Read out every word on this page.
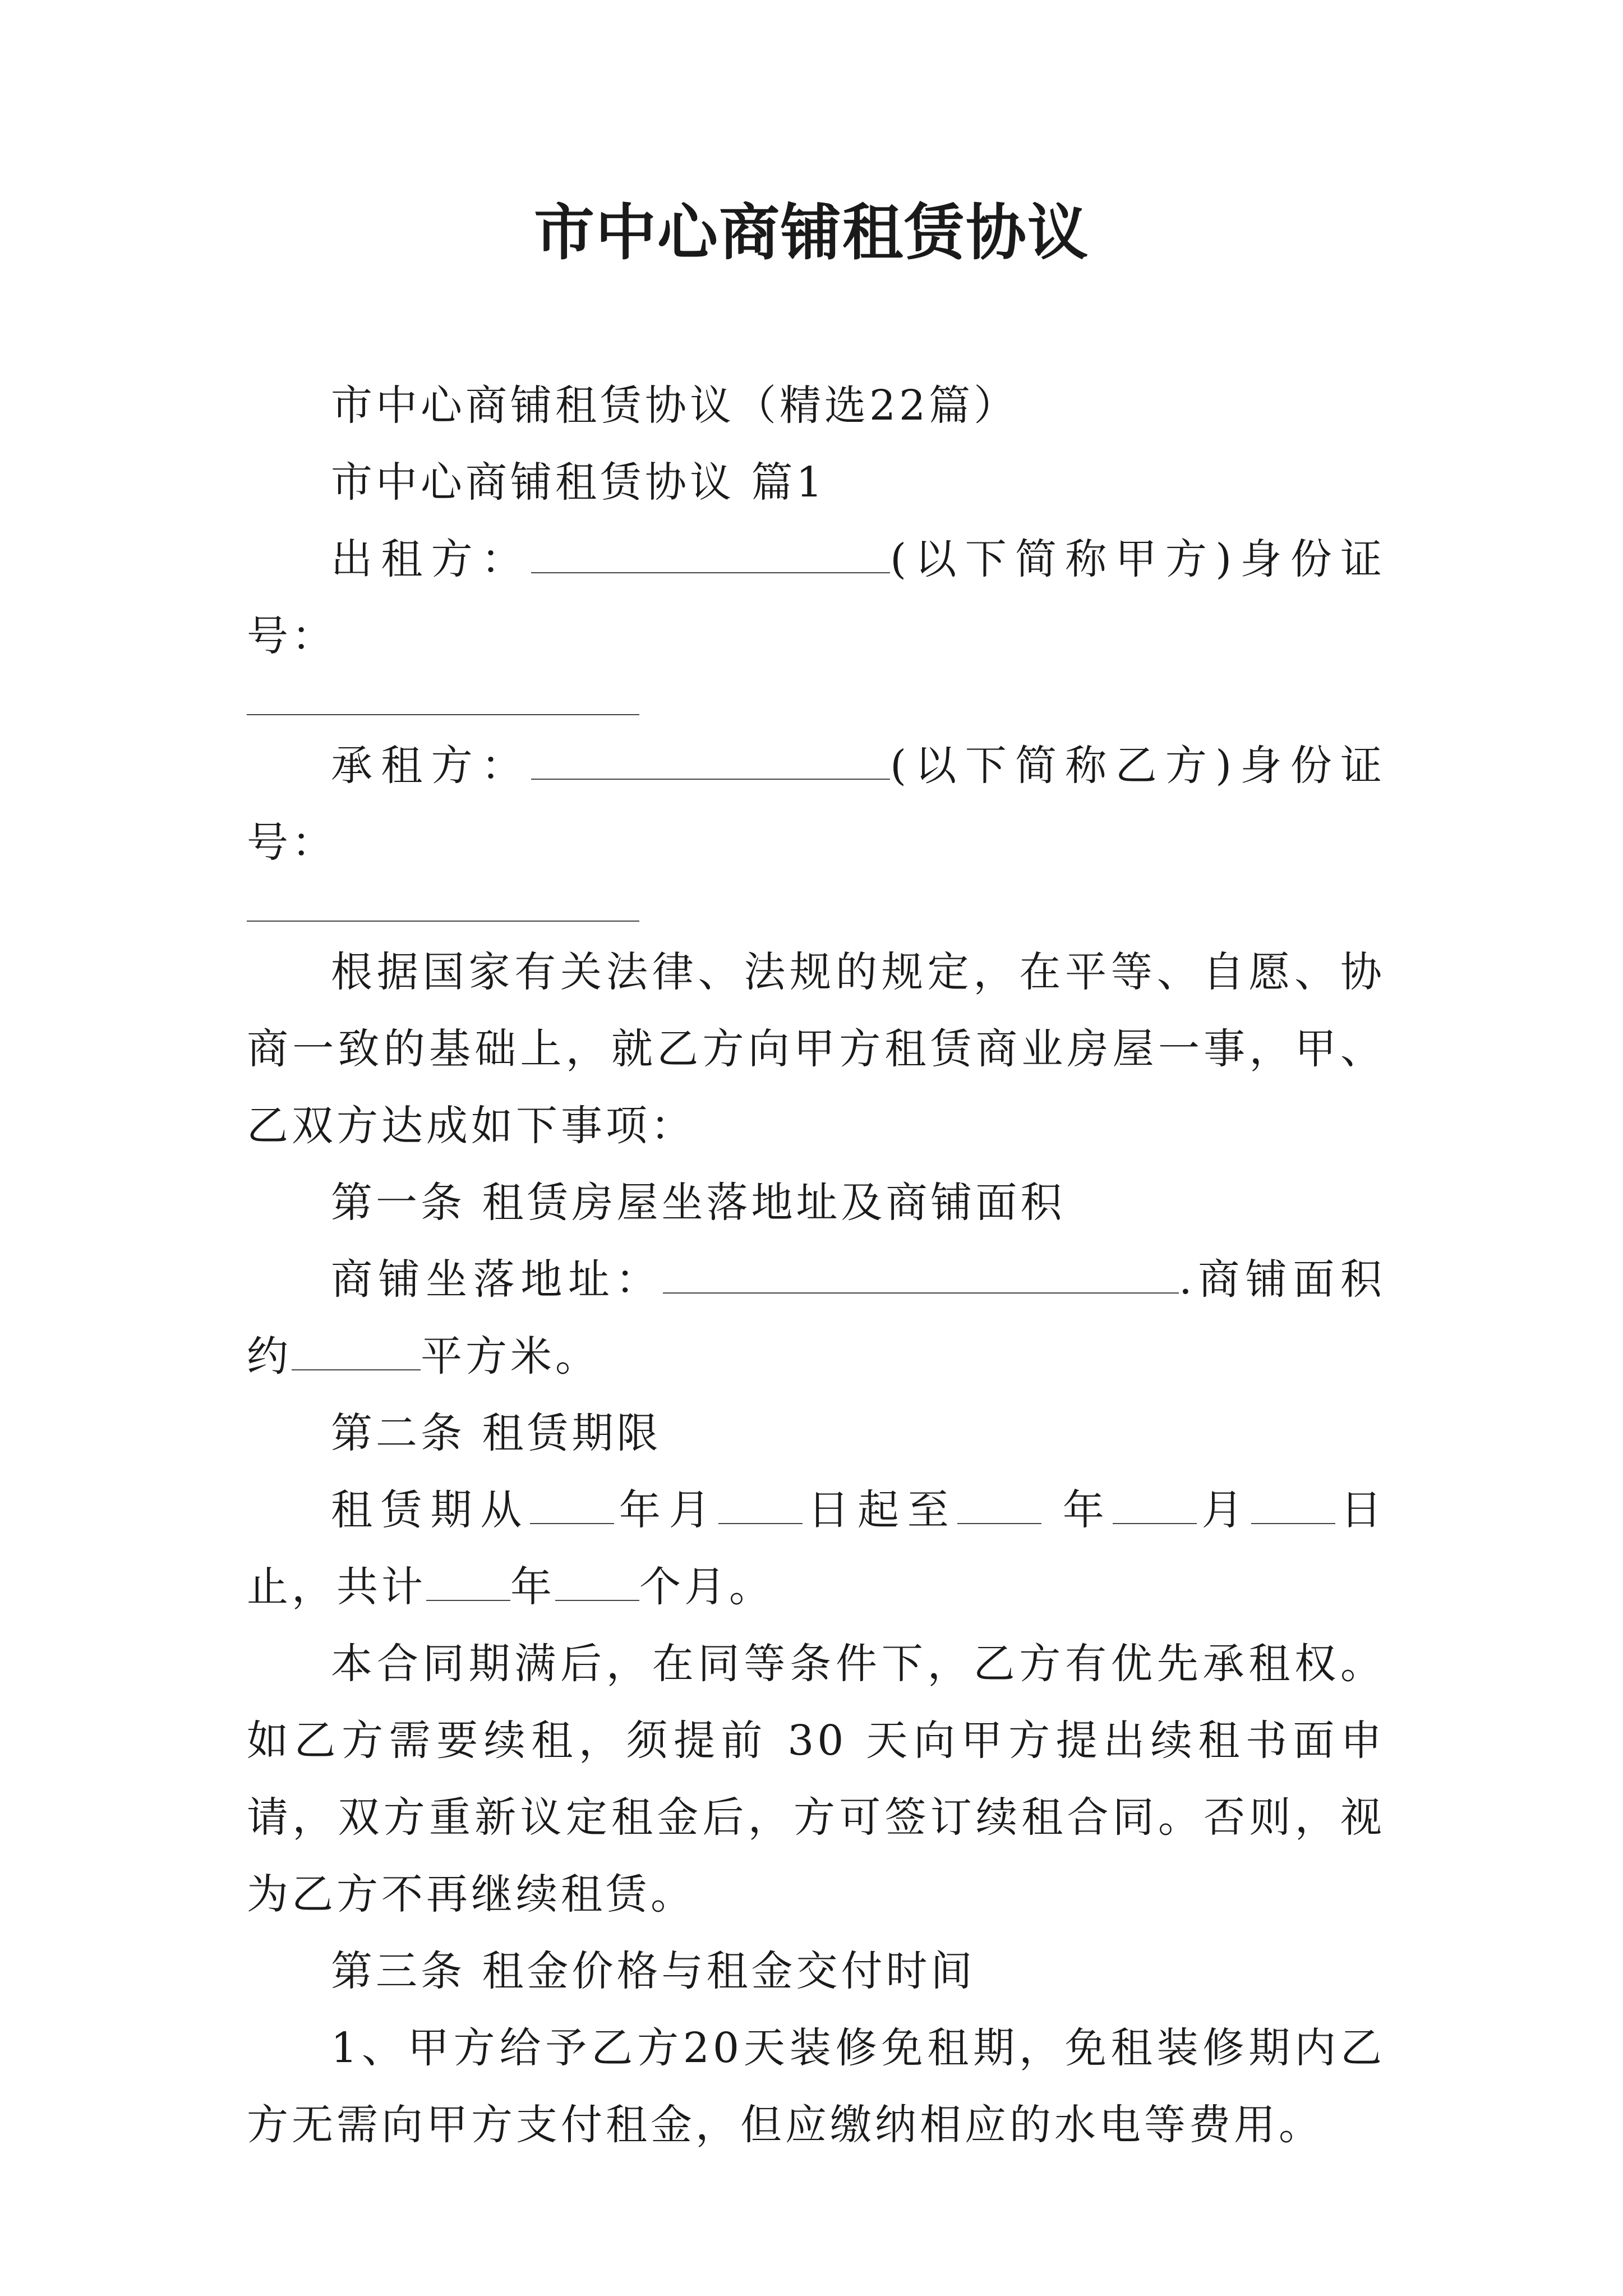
市中心商铺租赁协议

市中心商铺租赁协议（精选22篇）

市中心商铺租赁协议 篇1

出租方：	(以下简称甲方)身份证号：

承租方：	(以下简称乙方)身份证号：

根据国家有关法律、法规的规定，在平等、自愿、协商一致的基础上，就乙方向甲方租赁商业房屋一事，甲、乙双方达成如下事项：

第一条 租赁房屋坐落地址及商铺面积

商铺坐落地址：	.商铺面积约	平方米。

第二条 租赁期限

租赁期从 年月 日起至 年 月 日止，共计 年 个月。

本合同期满后，在同等条件下，乙方有优先承租权。如乙方需要续租，须提前 30 天向甲方提出续租书面申请，双方重新议定租金后，方可签订续租合同。否则，视为乙方不再继续租赁。

第三条 租金价格与租金交付时间

1、甲方给予乙方20天装修免租期，免租装修期内乙方无需向甲方支付租金，但应缴纳相应的水电等费用。
